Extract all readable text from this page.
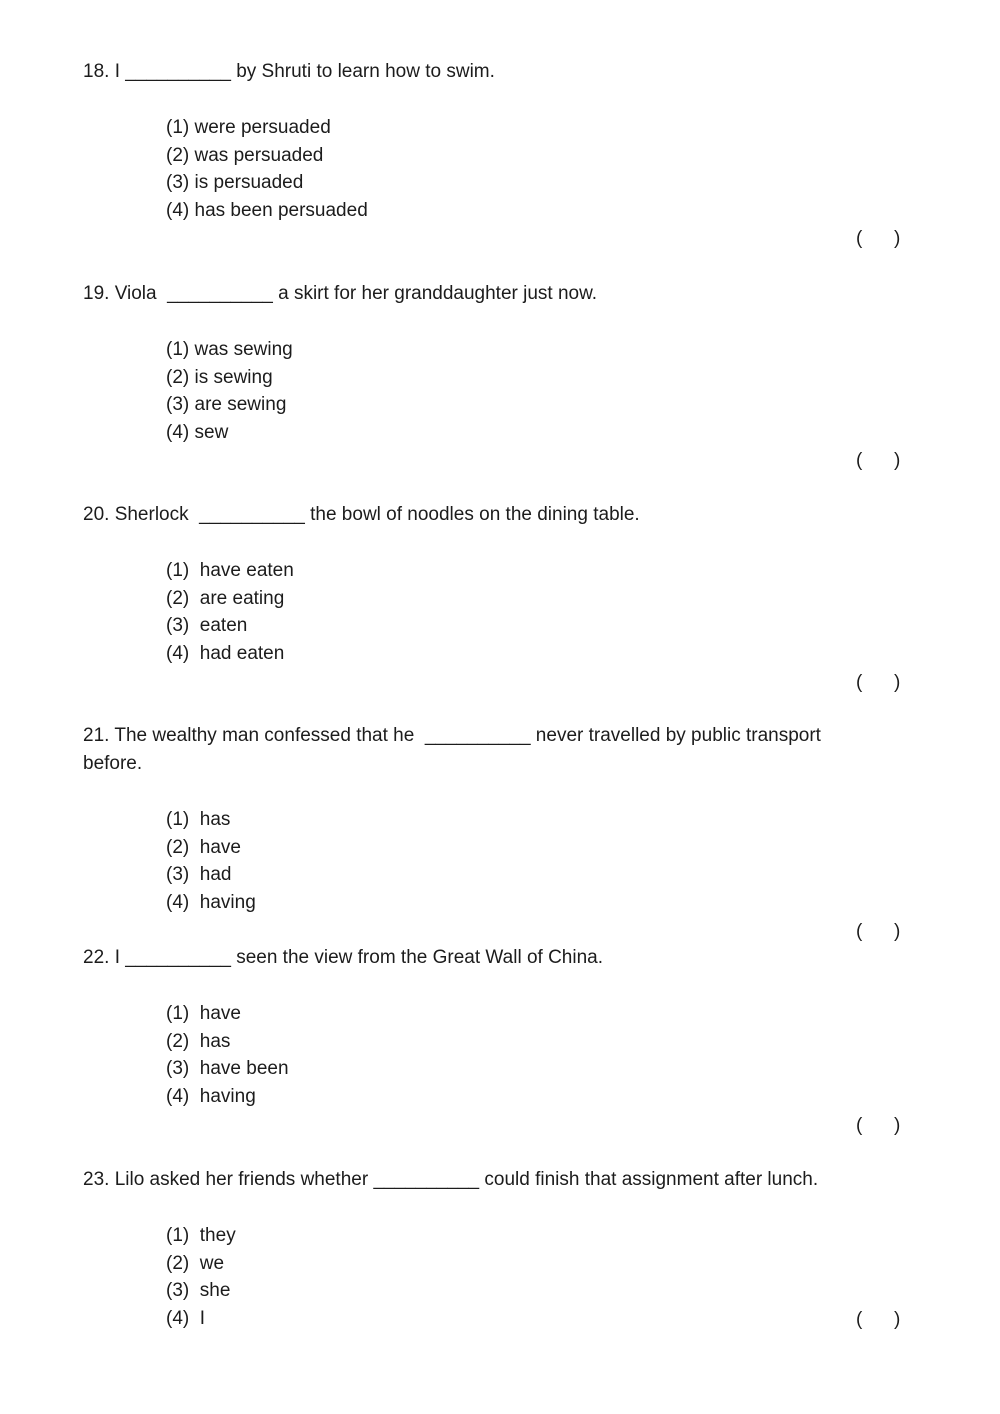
18. I __________ by Shruti to learn how to swim.

(1) were persuaded
(2) was persuaded
(3) is persuaded
(4) has been persuaded
(      )

19. Viola  __________ a skirt for her granddaughter just now.

(1) was sewing
(2) is sewing
(3) are sewing
(4) sew
(      )

20. Sherlock  __________ the bowl of noodles on the dining table.

(1)  have eaten
(2)  are eating
(3)  eaten
(4)  had eaten
(      )

21. The wealthy man confessed that he  __________ never travelled by public transport before.

(1)  has
(2)  have
(3)  had
(4)  having
(      )

22. I __________ seen the view from the Great Wall of China.

(1)  have
(2)  has
(3)  have been
(4)  having
(      )

23. Lilo asked her friends whether __________ could finish that assignment after lunch.

(1)  they
(2)  we
(3)  she
(4)  I	(      )
